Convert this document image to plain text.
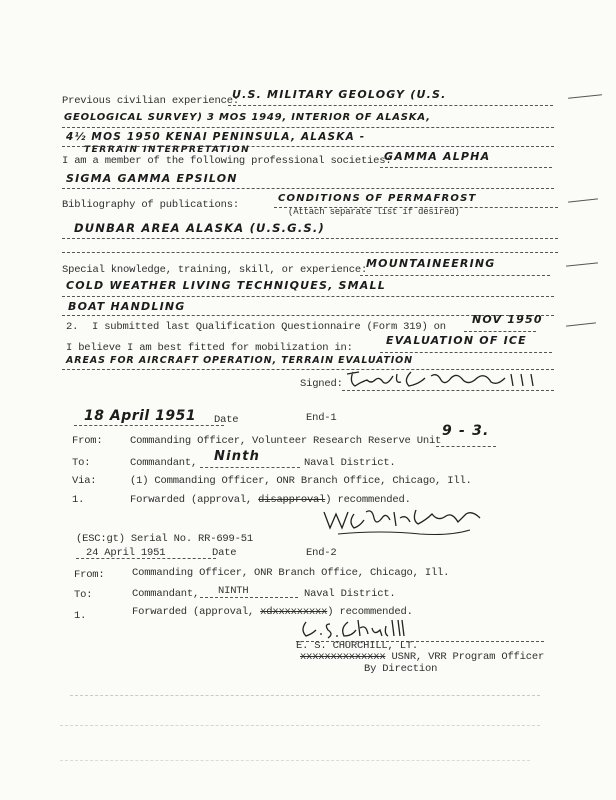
Previous civilian experience:
U.S. MILITARY GEOLOGY (U.S.
GEOLOGICAL SURVEY) 3 MOS 1949, INTERIOR OF ALASKA,
4½ MOS 1950 KENAI PENINSULA, ALASKA -
TERRAIN INTERPRETATION
I am a member of the following professional societies:
GAMMA ALPHA
SIGMA GAMMA EPSILON
Bibliography of publications:
CONDITIONS OF PERMAFROST
(Attach separate list if desired)
DUNBAR AREA ALASKA (U.S.G.S.)
Special knowledge, training, skill, or experience:
MOUNTAINEERING
COLD WEATHER LIVING TECHNIQUES, SMALL
BOAT HANDLING
2. I submitted last Qualification Questionnaire (Form 319) on
NOV 1950
I believe I am best fitted for mobilization in:
EVALUATION OF ICE
AREAS FOR AIRCRAFT OPERATION, TERRAIN EVALUATION
Signed:
18 April 1951 Date	End-1
From:	Commanding Officer, Volunteer Research Reserve Unit
9 - 3.
To:	Commandant, Ninth	Naval District.
Via:	(1) Commanding Officer, ONR Branch Office, Chicago, Ill.
1.	Forwarded (approval, disapproval) recommended.
(ESC:gt) Serial No. RR-699-51
24 April 1951	Date	End-2
From:	Commanding Officer, ONR Branch Office, Chicago, Ill.
To:	Commandant, NINTH	Naval District.
1.	Forwarded (approval, xdxxxxxxxxx) recommended.
E. S. CHURCHILL, LT.
xxxxxxxxxxxxxx USNR, VRR Program Officer
By Direction
